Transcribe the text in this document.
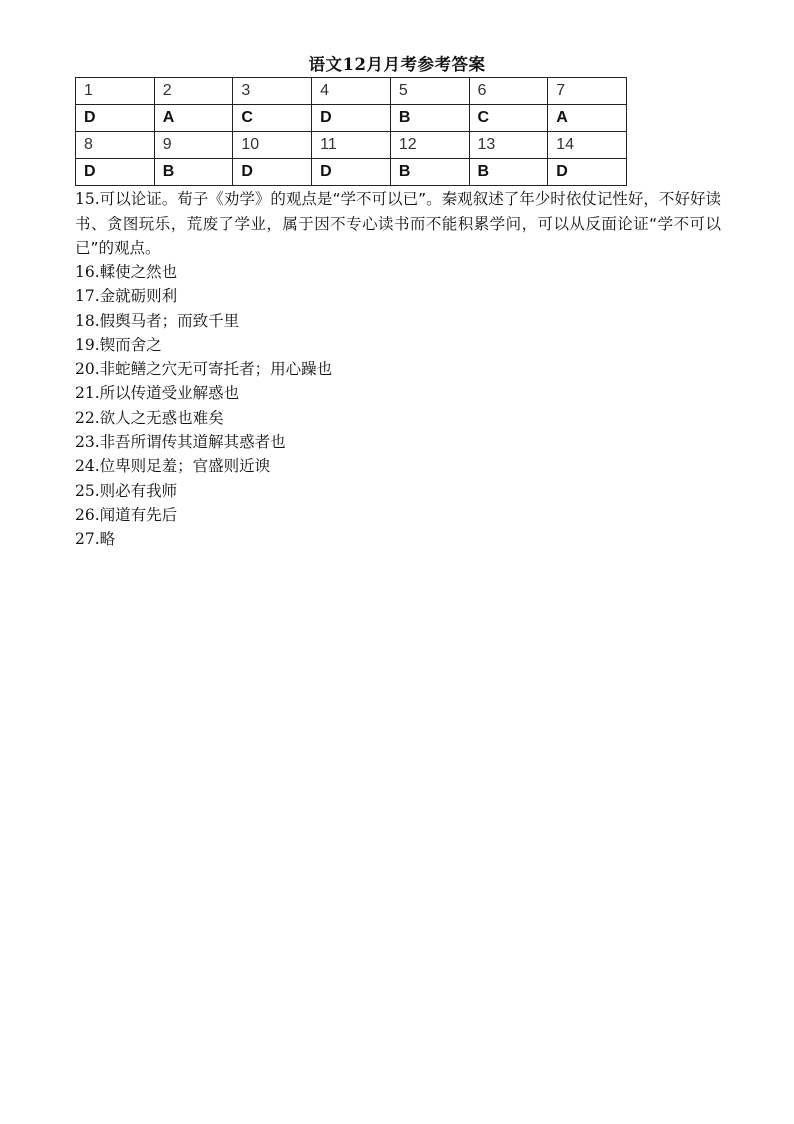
语文12月月考参考答案
1	2	3	4	5	6	7
D	A	C	D	B	C	A
8	9	10	11	12	13	14
D	B	D	D	B	B	D
15.可以论证。荀子《劝学》的观点是“学不可以已”。秦观叙述了年少时依仗记性好，不好好读书、贪图玩乐，荒废了学业，属于因不专心读书而不能积累学问，可以从反面论证“学不可以已”的观点。
16.輮使之然也
17.金就砺则利
18.假舆马者；而致千里
19.锲而舍之
20.非蛇鳝之穴无可寄托者；用心躁也
21.所以传道受业解惑也
22.欲人之无惑也难矣
23.非吾所谓传其道解其惑者也
24.位卑则足羞；官盛则近谀
25.则必有我师
26.闻道有先后
27.略
